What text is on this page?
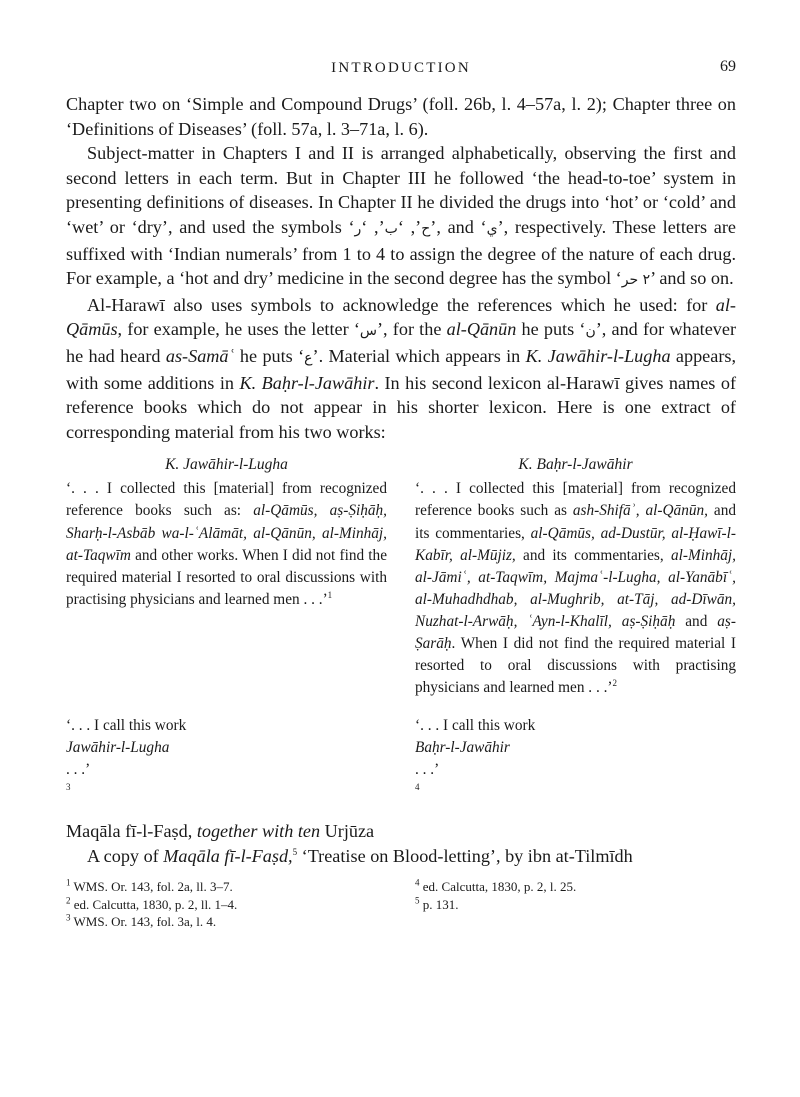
INTRODUCTION	69

Chapter two on ‘Simple and Compound Drugs’ (foll. 26b, l. 4–57a, l. 2); Chapter three on ‘Definitions of Diseases’ (foll. 57a, l. 3–71a, l. 6).

Subject-matter in Chapters I and II is arranged alphabetically, observing the first and second letters in each term. But in Chapter III he followed ‘the head-to-toe’ system in presenting definitions of diseases. In Chapter II he divided the drugs into ‘hot’ or ‘cold’ and ‘wet’ or ‘dry’, and used the symbols ‘	ح’, ‘ب’, ‘ر	’, and ‘ي’, respectively. These letters are suffixed with ‘Indian numerals’ from 1 to 4 to assign the degree of the nature of each drug. For example, a ‘hot and dry’ medicine in the second degree has the symbol ‘٢ حر’ and so on.

Al-Harawī also uses symbols to acknowledge the references which he used: for al-Qāmūs, for example, he uses the letter ‘س’, for the al-Qānūn he puts ‘ن’, and for whatever he had heard as-Samāʿ he puts ‘ع’. Material which appears in K. Jawāhir-l-Lugha appears, with some additions in K. Baḥr-l-Jawāhir. In his second lexicon al-Harawī gives names of reference books which do not appear in his shorter lexicon. Here is one extract of corresponding material from his two works:

K. Jawāhir-l-Lugha
‘. . . I collected this [material] from recognized reference books such as: al-Qāmūs, aṣ-Ṣiḥāḥ, Sharḥ-l-Asbāb wa-l-ʿAlāmāt, al-Qānūn, al-Minhāj, at-Taqwīm and other works. When I did not find the required material I resorted to oral discussions with practising physicians and learned men . . .’$^1$
K. Baḥr-l-Jawāhir
‘. . . I collected this [material] from recognized reference books such as ash-Shifāʾ, al-Qānūn, and its commentaries, al-Qāmūs, ad-Dustūr, al-Ḥawī-l-Kabīr, al-Mūjiz, and its commentaries, al-Minhāj, al-Jāmiʿ, at-Taqwīm, Majmaʿ-l-Lugha, al-Yanābīʿ, al-Muhadhdhab, al-Mughrib, at-Tāj, ad-Dīwān, Nuzhat-l-Arwāḥ, ʿAyn-l-Khalīl, aṣ-Ṣiḥāḥ and aṣ-Ṣarāḥ. When I did not find the required material I resorted to oral discussions with practising physicians and learned men . . .’$^2$
‘. . . I call this work
Jawāhir-l-Lugha
. . .’
$^3$
‘. . . I call this work
Baḥr-l-Jawāhir
. . .’
$^4$
Maqāla fī-l-Faṣd, together with ten Urjūza

A copy of Maqāla fī-l-Faṣd,$^5$ ‘Treatise on Blood-letting’, by ibn at-Tilmīdh

$^1$ WMS. Or. 143, fol. 2a, ll. 3–7.
$^2$ ed. Calcutta, 1830, p. 2, ll. 1–4.
$^3$ WMS. Or. 143, fol. 3a, l. 4.
$^4$ ed. Calcutta, 1830, p. 2, l. 25.
$^5$ p. 131.
